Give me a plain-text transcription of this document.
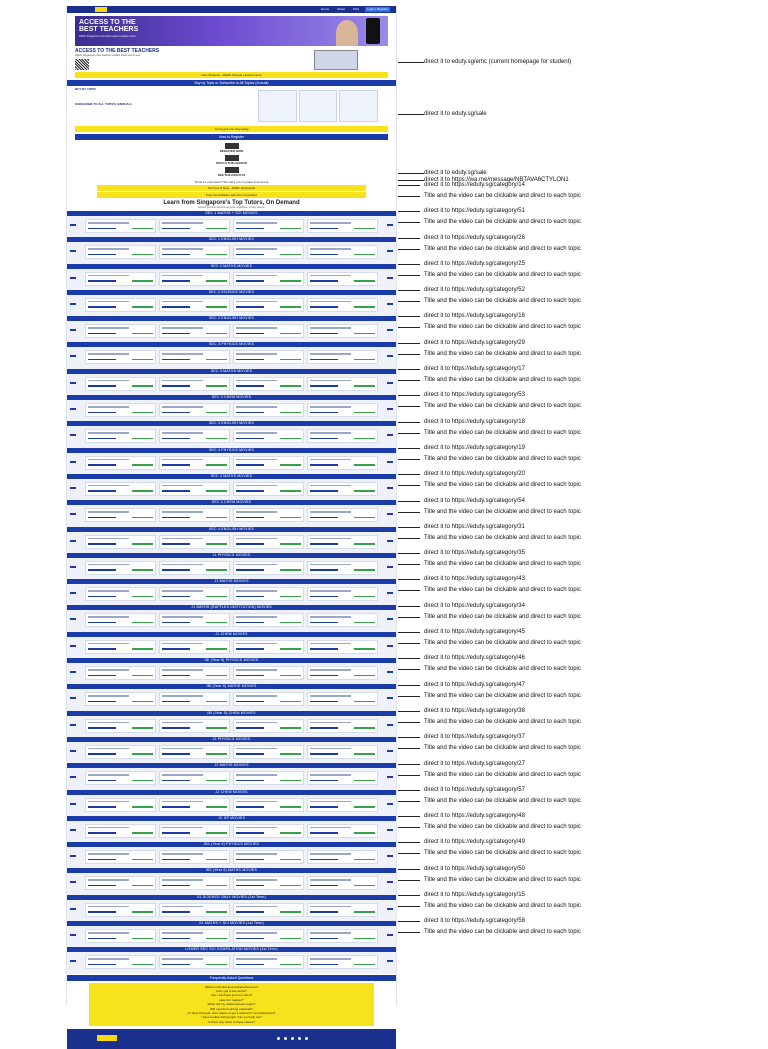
Home	About	FAQ	Login / Register
ACCESS TO THE BEST TEACHERS
Watch Singapore's top tutors teach complete topics
ACCESS TO THE BEST TEACHERS
Watch Singapore's best teachers explain topics end to end.
New Students - Watch Sample Lessons Here
Buy by Topic or Subscribe to All Topics (Annual)
BUY BY TOPIC
SUBSCRIBE TO ALL TOPICS (ANNUAL)
You're just one step away
How to Register
REGISTER NOW
WATCH THE LESSON
SEE THE RESULTS
Think it's expensive? We call it your A grade investment
Get Your A Now - 1000s Successful
Free Consultation with Our Consultant
Learn from Singapore's Top Tutors, On Demand
Access premium lessons anytime, anywhere, on any device.
SEC 1 MATHS + SCI MOVIES
SEC 1 ENGLISH MOVIES
SEC 2 MATHS MOVIES
SEC 2 SCIENCE MOVIES
SEC 2 ENGLISH MOVIES
SEC 3 PHYSICS MOVIES
SEC 3 MATHS MOVIES
SEC 3 CHEM MOVIES
SEC 3 ENGLISH MOVIES
SEC 4 PHYSICS MOVIES
SEC 4 MATHS MOVIES
SEC 4 CHEM MOVIES
SEC 4 ENGLISH MOVIES
J1 PHYSICS MOVIES
J1 MATHS MOVIES
J1 MATHS (RAFFLES INSTITUTION) MOVIES
J1 CHEM MOVIES
IBI (Year 5) PHYSICS MOVIES
IBI (Year 5) MATHS MOVIES
IBI (Year 5) CHEM MOVIES
J2 PHYSICS MOVIES
J2 MATHS MOVIES
J2 CHEM MOVIES
JC GP MOVIES
IB2 (Year 6) PHYSICS MOVIES
IB2 (Year 6) MATHS MOVIES
S1 SCIENCE ONLY MOVIES (1st Term)
S1 MATHS + SCI MOVIES (1st Term)
LOWER SEC SCI COMPILATION MOVIES (1st Term)
Frequently Asked Questions
What is included and excluded lessons?
Can I get a free demo?
Can I purchase just one video?
How do I register?
When will my videos access expire?
Will I get the learning materials?
If I drop mid-year, can I pause or get a refund for my subscription?
I have trouble during login. Can you help me?
Is there any notes to these videos?
direct it to eduty.sg/emc (current homepage for student)
direct it to eduty.sg/sale
direct it to eduty.sg/sale
direct it to https://wa.me/message/NBTAVA6CTYLON1
direct it to https://eduty.sg/category/14
Title and the video can be clickable and direct to each topic
direct it to https://eduty.sg/category/51
Title and the video can be clickable and direct to each topic
direct it to https://eduty.sg/category/26
Title and the video can be clickable and direct to each topic
direct it to https://eduty.sg/category/25
Title and the video can be clickable and direct to each topic
direct it to https://eduty.sg/category/52
Title and the video can be clickable and direct to each topic
direct it to https://eduty.sg/category/16
Title and the video can be clickable and direct to each topic
direct it to https://eduty.sg/category/29
Title and the video can be clickable and direct to each topic
direct it to https://eduty.sg/category/17
Title and the video can be clickable and direct to each topic
direct it to https://eduty.sg/category/53
Title and the video can be clickable and direct to each topic
direct it to https://eduty.sg/category/18
Title and the video can be clickable and direct to each topic
direct it to https://eduty.sg/category/19
Title and the video can be clickable and direct to each topic
direct it to https://eduty.sg/category/20
Title and the video can be clickable and direct to each topic
direct it to https://eduty.sg/category/54
Title and the video can be clickable and direct to each topic
direct it to https://eduty.sg/category/31
Title and the video can be clickable and direct to each topic
direct it to https://eduty.sg/category/35
Title and the video can be clickable and direct to each topic
direct it to https://eduty.sg/category/43
Title and the video can be clickable and direct to each topic
direct it to https://eduty.sg/category/34
Title and the video can be clickable and direct to each topic
direct it to https://eduty.sg/category/45
Title and the video can be clickable and direct to each topic
direct it to https://eduty.sg/category/46
Title and the video can be clickable and direct to each topic
direct it to https://eduty.sg/category/47
Title and the video can be clickable and direct to each topic
direct it to https://eduty.sg/category/38
Title and the video can be clickable and direct to each topic
direct it to https://eduty.sg/category/37
Title and the video can be clickable and direct to each topic
direct it to https://eduty.sg/category/27
Title and the video can be clickable and direct to each topic
direct it to https://eduty.sg/category/57
Title and the video can be clickable and direct to each topic
direct it to https://eduty.sg/category/48
Title and the video can be clickable and direct to each topic
direct it to https://eduty.sg/category/49
Title and the video can be clickable and direct to each topic
direct it to https://eduty.sg/category/50
Title and the video can be clickable and direct to each topic
direct it to https://eduty.sg/category/15
Title and the video can be clickable and direct to each topic
direct it to https://eduty.sg/category/58
Title and the video can be clickable and direct to each topic
